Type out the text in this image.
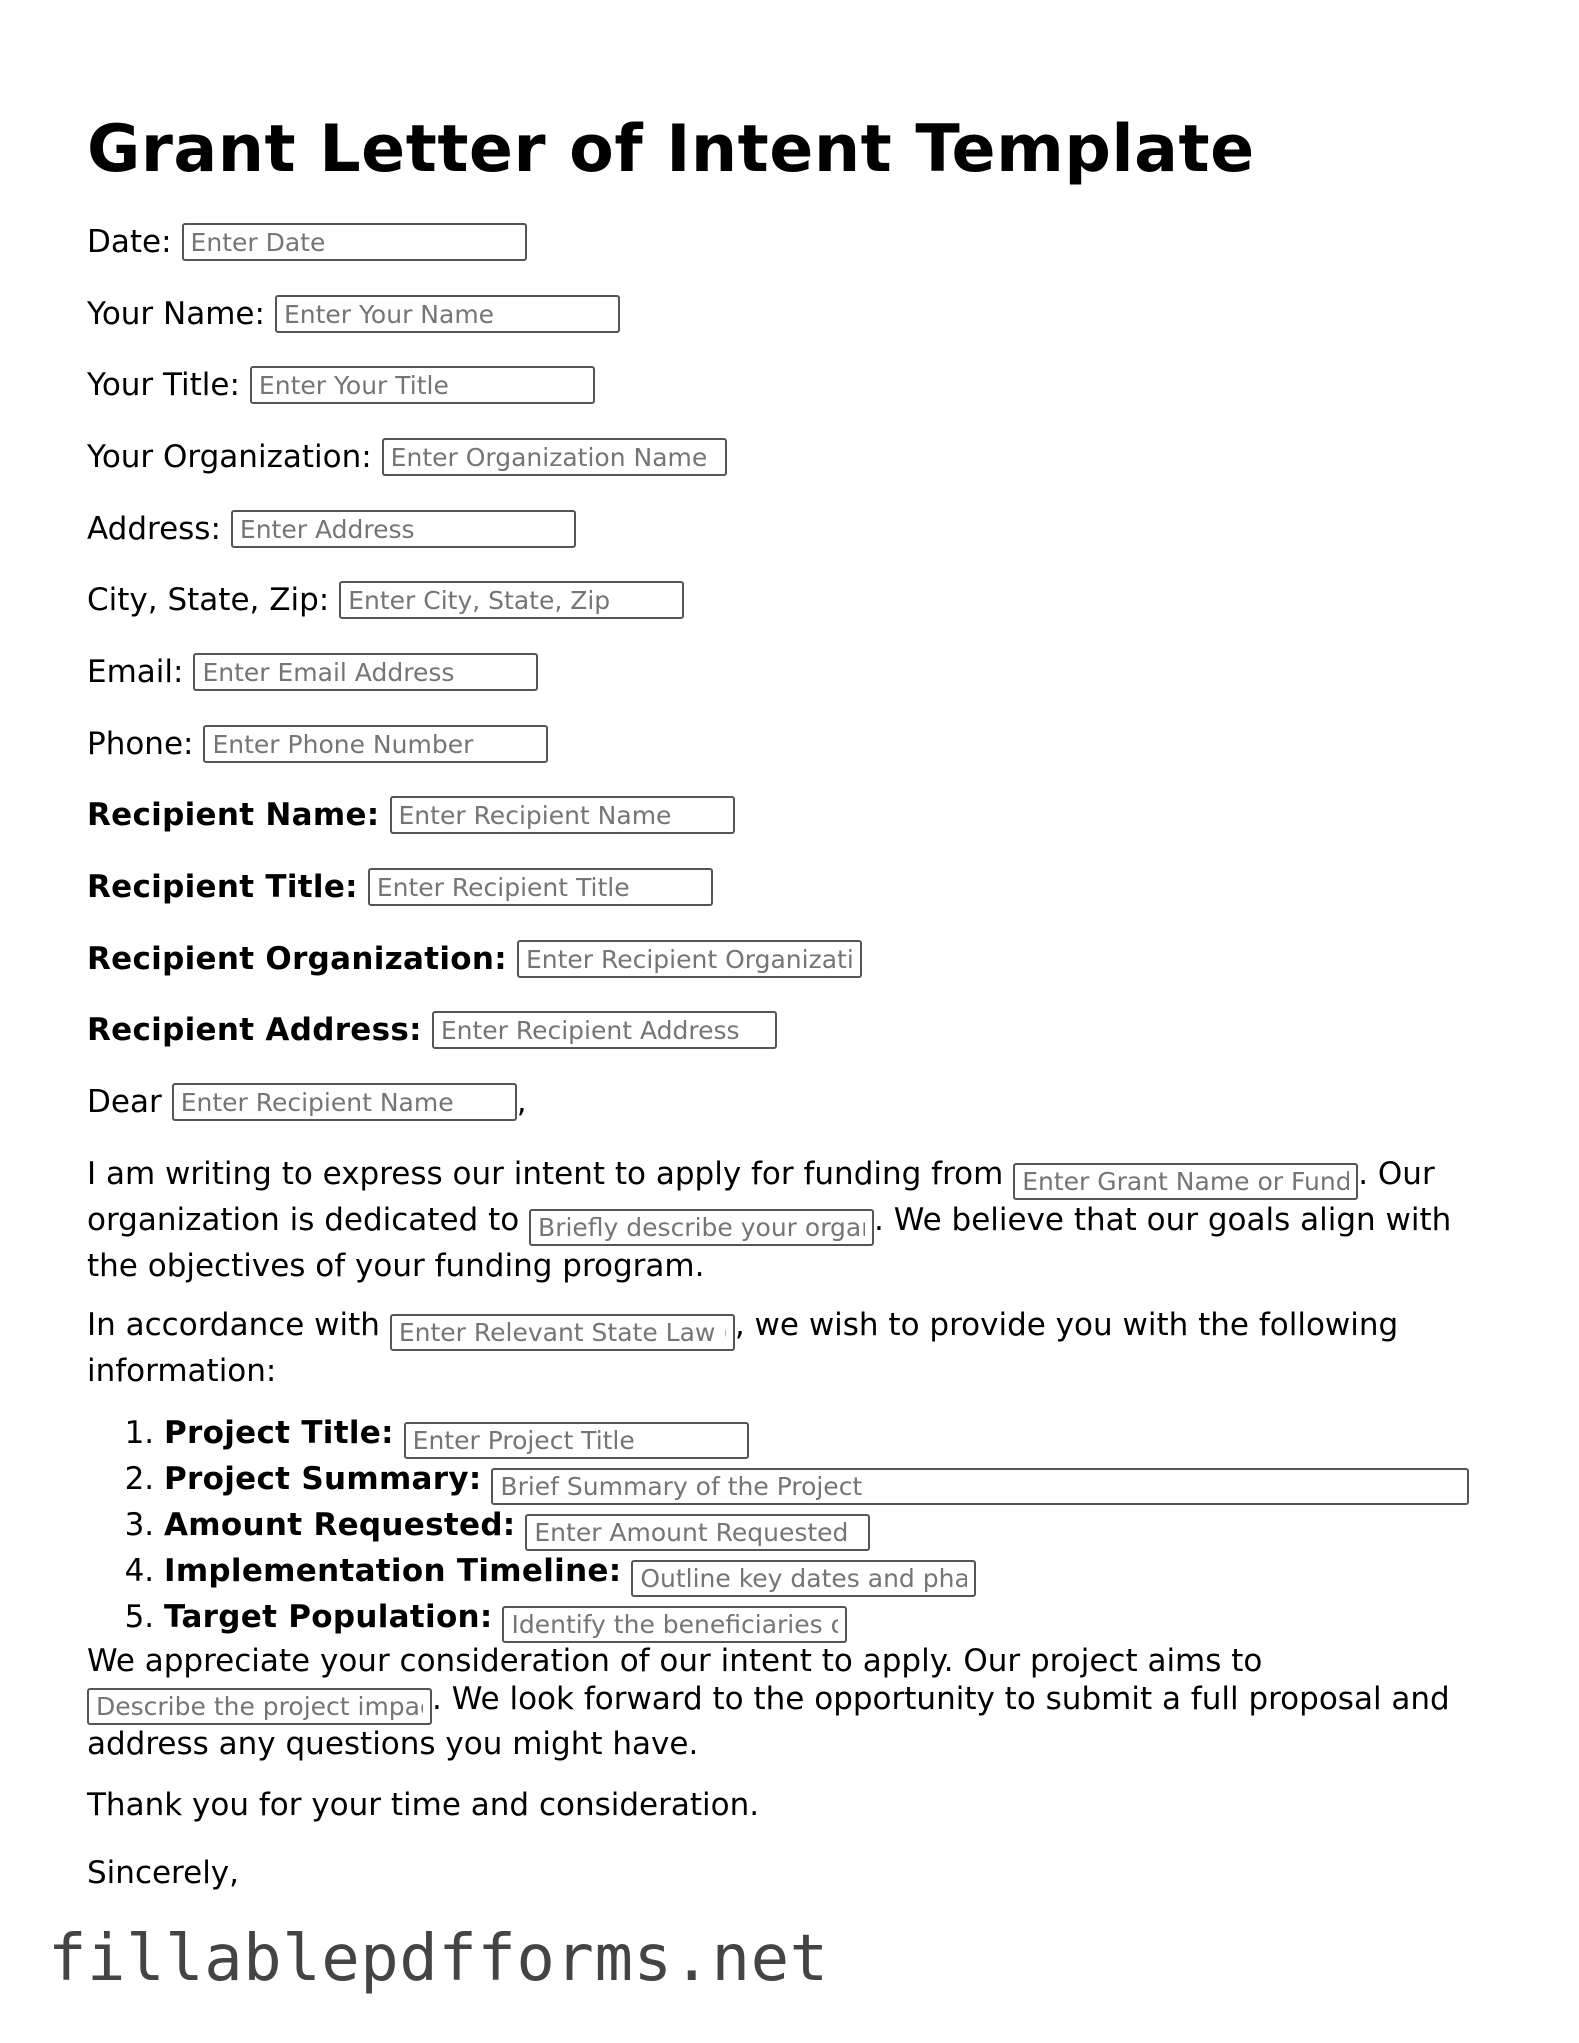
Grant Letter of Intent Template
Date:
Enter Date
Your Name:
Enter Your Name
Your Title:
Enter Your Title
Your Organization:
Enter Organization Name
Address:
Enter Address
City, State, Zip:
Enter City, State, Zip
Email:
Enter Email Address
Phone:
Enter Phone Number
Recipient Name:
Enter Recipient Name
Recipient Title:
Enter Recipient Title
Recipient Organization:
Enter Recipient Organization
Recipient Address:
Enter Recipient Address
Dear
Enter Recipient Name	,

I am writing to express our intent to apply for funding from Enter Grant Name or Funding Source	. Our organization is dedicated to Briefly describe your organization's mission	. We believe that our goals align with the objectives of your funding program.

In accordance with Enter Relevant State Law (if applicable)	, we wish to provide you with the following information:

1. Project Title: Enter Project Title
2. Project Summary: Brief Summary of the Project
3. Amount Requested: Enter Amount Requested
4. Implementation Timeline: Outline key dates and phases
5. Target Population: Identify the beneficiaries of the project

We appreciate your consideration of our intent to apply. Our project aims to Describe the project impact. We look forward to the opportunity to submit a full proposal and address any questions you might have.

Thank you for your time and consideration.

Sincerely,

fillablepdfforms.net
